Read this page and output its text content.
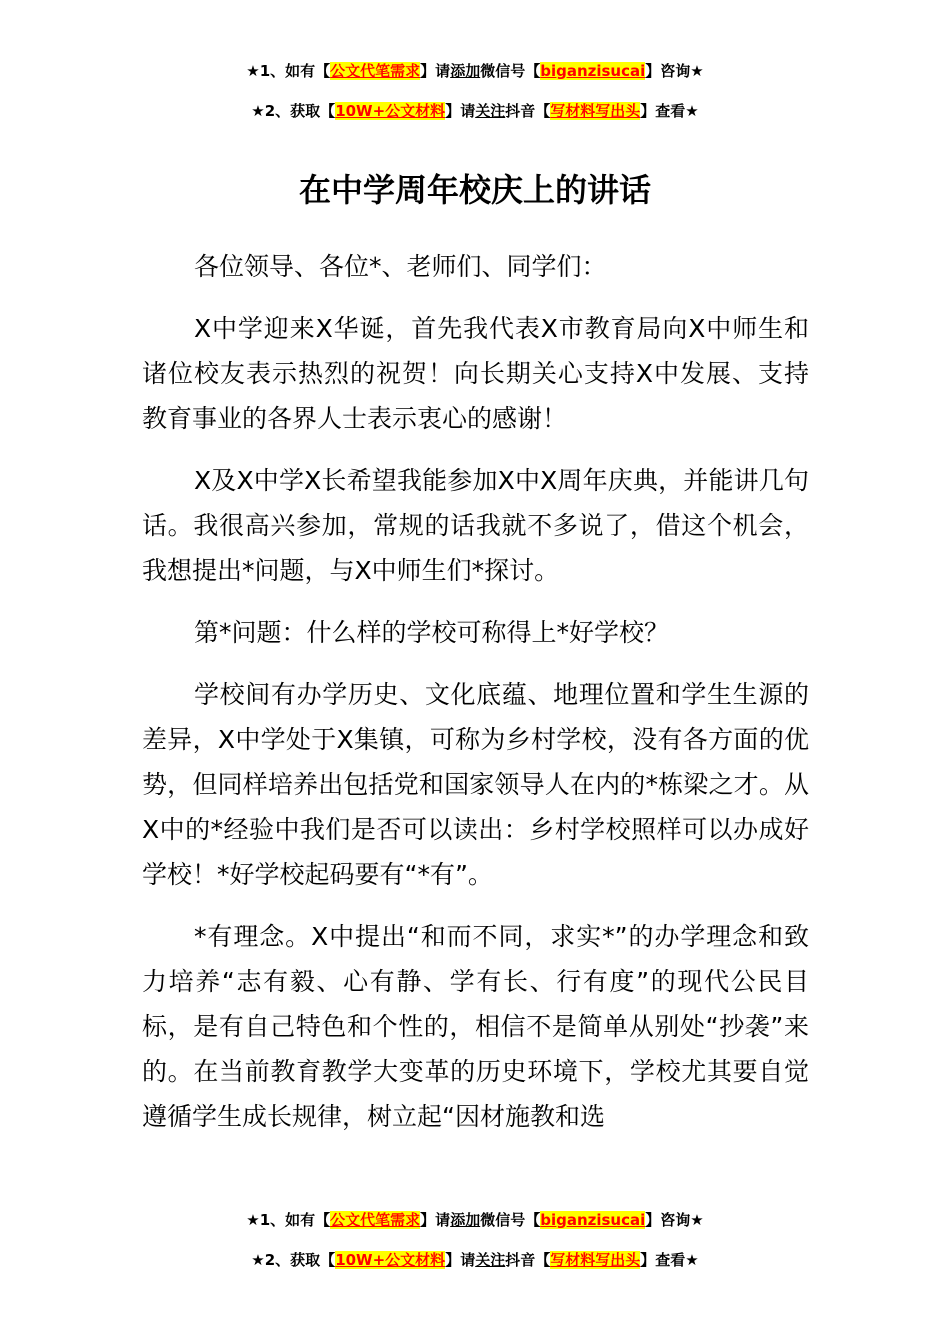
★1、如有【公文代笔需求】请添加微信号【biganzisucai】咨询★
★2、获取【10W+公文材料】请关注抖音【写材料写出头】查看★
在中学周年校庆上的讲话

各位领导、各位*、老师们、同学们：

X中学迎来X华诞，首先我代表X市教育局向X中师生和诸位校友表示热烈的祝贺！向长期关心支持X中发展、支持教育事业的各界人士表示衷心的感谢！

X及X中学X长希望我能参加X中X周年庆典，并能讲几句话。我很高兴参加，常规的话我就不多说了，借这个机会，我想提出*问题，与X中师生们*探讨。

第*问题：什么样的学校可称得上*好学校？

学校间有办学历史、文化底蕴、地理位置和学生生源的差异，X中学处于X集镇，可称为乡村学校，没有各方面的优势，但同样培养出包括党和国家领导人在内的*栋梁之才。从X中的*经验中我们是否可以读出：乡村学校照样可以办成好学校！*好学校起码要有“*有”。

*有理念。X中提出“和而不同，求实*”的办学理念和致力培养“志有毅、心有静、学有长、行有度”的现代公民目标，是有自己特色和个性的，相信不是简单从别处“抄袭”来的。在当前教育教学大变革的历史环境下，学校尤其要自觉遵循学生成长规律，树立起“因材施教和选

★1、如有【公文代笔需求】请添加微信号【biganzisucai】咨询★
★2、获取【10W+公文材料】请关注抖音【写材料写出头】查看★
